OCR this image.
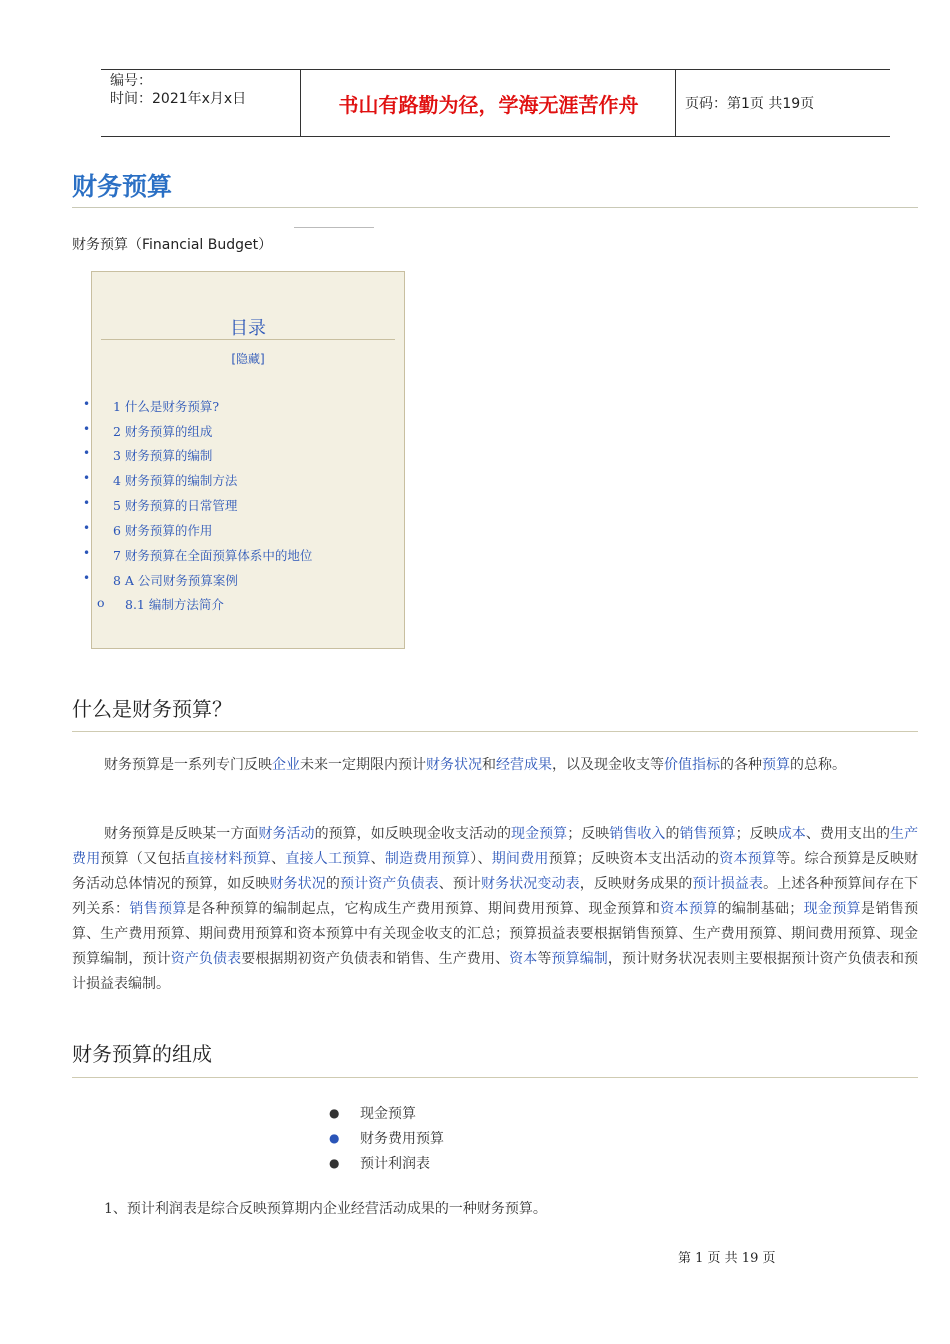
编号：
时间：2021年x月x日	书山有路勤为径，学海无涯苦作舟	页码：第1页 共19页
财务预算
财务预算（Financial Budget）
目录
[隐藏]
• 1 什么是财务预算?
• 2 财务预算的组成
• 3 财务预算的编制
• 4 财务预算的编制方法
• 5 财务预算的日常管理
• 6 财务预算的作用
• 7 财务预算在全面预算体系中的地位
• 8 A 公司财务预算案例
o 8.1 编制方法简介
什么是财务预算？
财务预算是一系列专门反映企业未来一定期限内预计财务状况和经营成果，以及现金收支等价值指标的各种预算的总称。
财务预算是反映某一方面财务活动的预算，如反映现金收支活动的现金预算；反映销售收入的销售预算；反映成本、费用支出的生产费用预算（又包括直接材料预算、直接人工预算、制造费用预算）、期间费用预算；反映资本支出活动的资本预算等。综合预算是反映财务活动总体情况的预算，如反映财务状况的预计资产负债表、预计财务状况变动表，反映财务成果的预计损益表。上述各种预算间存在下列关系：销售预算是各种预算的编制起点，它构成生产费用预算、期间费用预算、现金预算和资本预算的编制基础；现金预算是销售预算、生产费用预算、期间费用预算和资本预算中有关现金收支的汇总；预算损益表要根据销售预算、生产费用预算、期间费用预算、现金预算编制，预计资产负债表要根据期初资产负债表和销售、生产费用、资本等预算编制，预计财务状况表则主要根据预计资产负债表和预计损益表编制。
财务预算的组成
● 现金预算
● 财务费用预算
● 预计利润表
1、预计利润表是综合反映预算期内企业经营活动成果的一种财务预算。
第 1 页 共 19 页
